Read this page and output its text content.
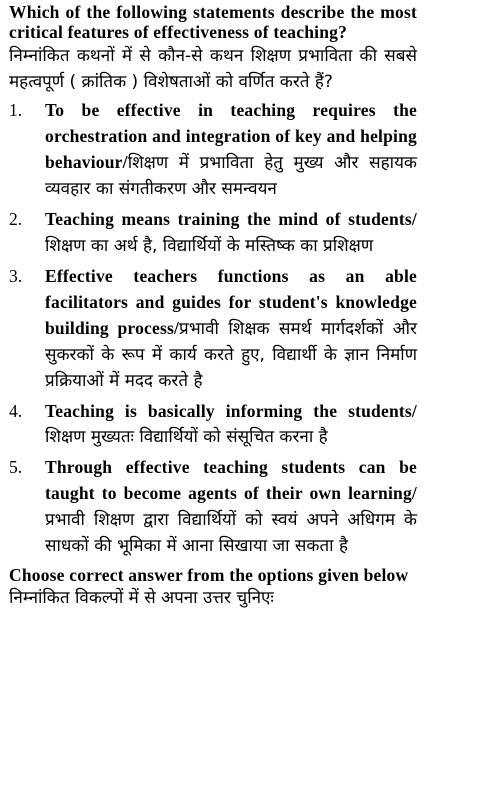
Which of the following statements describe the most critical features of effectiveness of teaching?
निम्नांकित कथनों में से कौन-से कथन शिक्षण प्रभाविता की सबसे महत्वपूर्ण ( क्रांतिक ) विशेषताओं को वर्णित करते हैं?
1. To be effective in teaching requires the orchestration and integration of key and helping behaviour/शिक्षण में प्रभाविता हेतु मुख्य और सहायक व्यवहार का संगतीकरण और समन्वयन
2. Teaching means training the mind of students/ शिक्षण का अर्थ है, विद्यार्थियों के मस्तिष्क का प्रशिक्षण
3. Effective teachers functions as an able facilitators and guides for student's knowledge building process/प्रभावी शिक्षक समर्थ मार्गदर्शकों और सुकरकों के रूप में कार्य करते हुए, विद्यार्थी के ज्ञान निर्माण प्रक्रियाओं में मदद करते है
4. Teaching is basically informing the students/शिक्षण मुख्यतः विद्यार्थियों को संसूचित करना है
5. Through effective teaching students can be taught to become agents of their own learning/ प्रभावी शिक्षण द्वारा विद्यार्थियों को स्वयं अपने अधिगम के साधकों की भूमिका में आना सिखाया जा सकता है
Choose correct answer from the options given below
निम्नांकित विकल्पों में से अपना उत्तर चुनिएः
